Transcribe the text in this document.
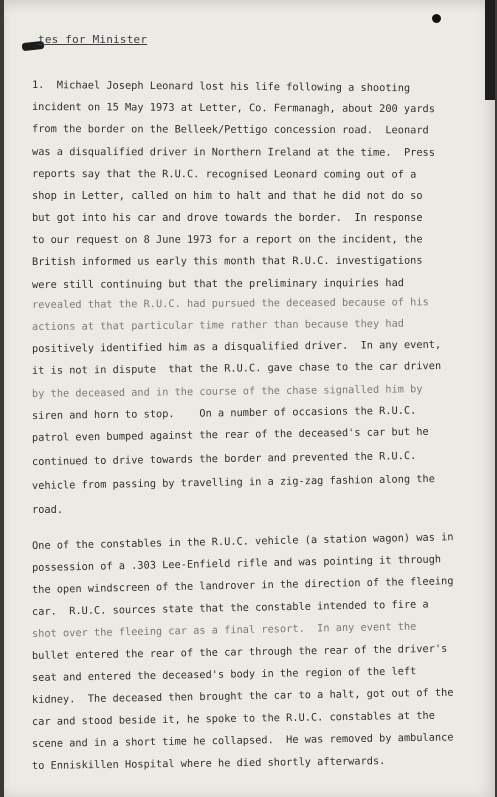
tes for Minister
1.  Michael Joseph Leonard lost his life following a shooting
incident on 15 May 1973 at Letter, Co. Fermanagh, about 200 yards
from the border on the Belleek/Pettigo concession road.  Leonard
was a disqualified driver in Northern Ireland at the time.  Press
reports say that the R.U.C. recognised Leonard coming out of a
shop in Letter, called on him to halt and that he did not do so
but got into his car and drove towards the border.  In response
to our request on 8 June 1973 for a report on the incident, the
British informed us early this month that R.U.C. investigations
were still continuing but that the preliminary inquiries had
revealed that the R.U.C. had pursued the deceased because of his
actions at that particular time rather than because they had
positively identified him as a disqualified driver.  In any event,
it is not in dispute  that the R.U.C. gave chase to the car driven
by the deceased and in the course of the chase signalled him by
siren and horn to stop.    On a number of occasions the R.U.C.
patrol even bumped against the rear of the deceased's car but he
continued to drive towards the border and prevented the R.U.C.
vehicle from passing by travelling in a zig-zag fashion along the
road.
One of the constables in the R.U.C. vehicle (a station wagon) was in
possession of a .303 Lee-Enfield rifle and was pointing it through
the open windscreen of the landrover in the direction of the fleeing
car.  R.U.C. sources state that the constable intended to fire a
shot over the fleeing car as a final resort.  In any event the
bullet entered the rear of the car through the rear of the driver's
seat and entered the deceased's body in the region of the left
kidney.  The deceased then brought the car to a halt, got out of the
car and stood beside it, he spoke to the R.U.C. constables at the
scene and in a short time he collapsed.  He was removed by ambulance
to Enniskillen Hospital where he died shortly afterwards.
